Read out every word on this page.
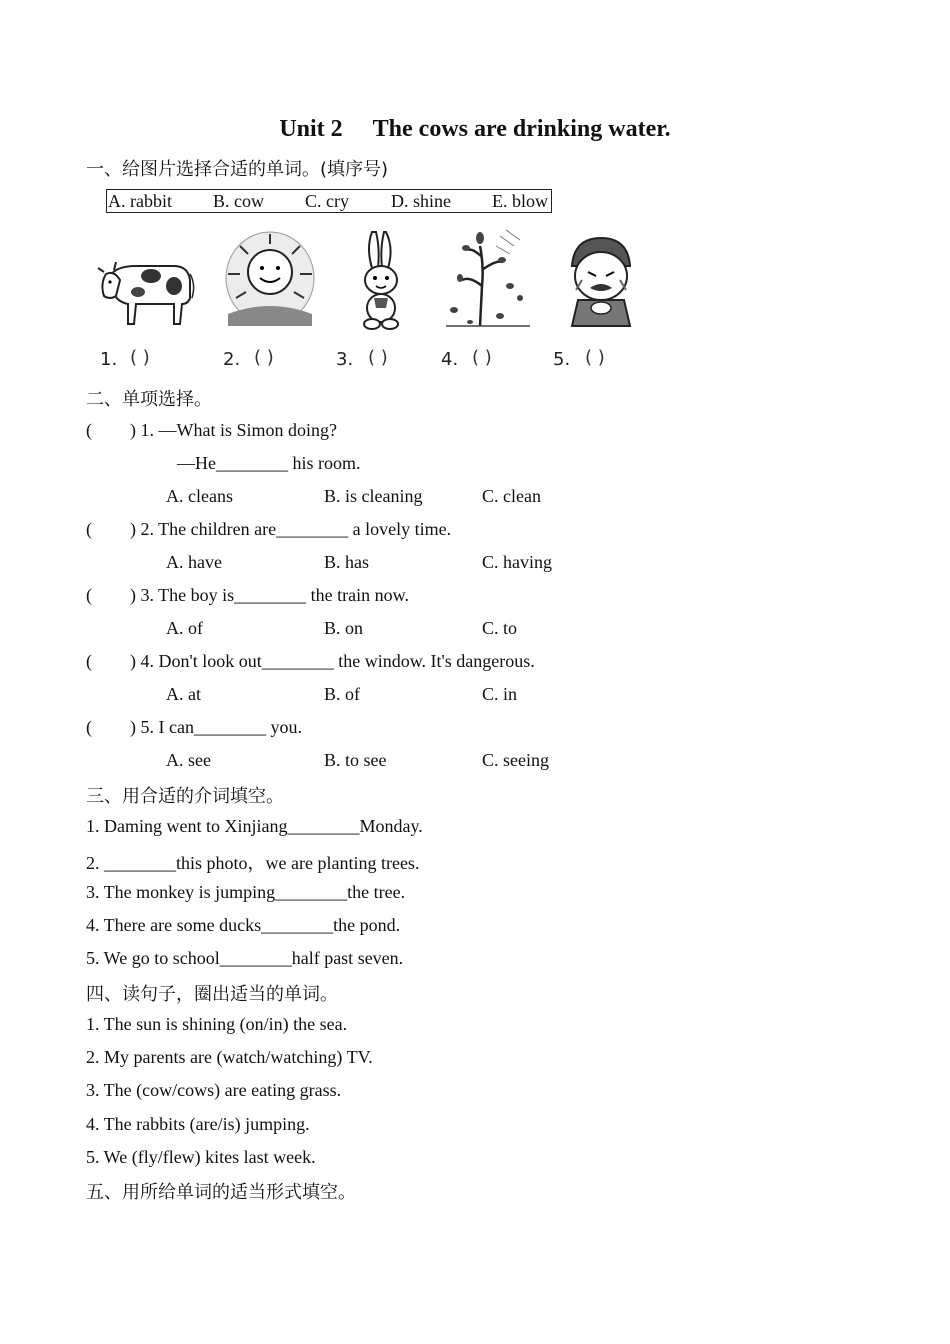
Unit 2 The cows are drinking water.
一、给图片选择合适的单词。(填序号)
A. rabbit B. cow C. cry D. shine E. blow
1. ( )	2. ( )	3. ( )	4. ( )	5. ( )
二、单项选择。
( ) 1. —What is Simon doing?
—He________ his room.
A. cleans	B. is cleaning	C. clean
( ) 2. The children are________ a lovely time.
A. have	B. has	C. having
( ) 3. The boy is________ the train now.
A. of	B. on	C. to
( ) 4. Don't look out________ the window. It's dangerous.
A. at	B. of	C. in
( ) 5. I can________ you.
A. see	B. to see	C. seeing
三、用合适的介词填空。
1. Daming went to Xinjiang________Monday.
2. ________this photo，we are planting trees.
3. The monkey is jumping________the tree.
4. There are some ducks________the pond.
5. We go to school________half past seven.
四、读句子，圈出适当的单词。
1. The sun is shining (on/in) the sea.
2. My parents are (watch/watching) TV.
3. The (cow/cows) are eating grass.
4. The rabbits (are/is) jumping.
5. We (fly/flew) kites last week.
五、用所给单词的适当形式填空。
